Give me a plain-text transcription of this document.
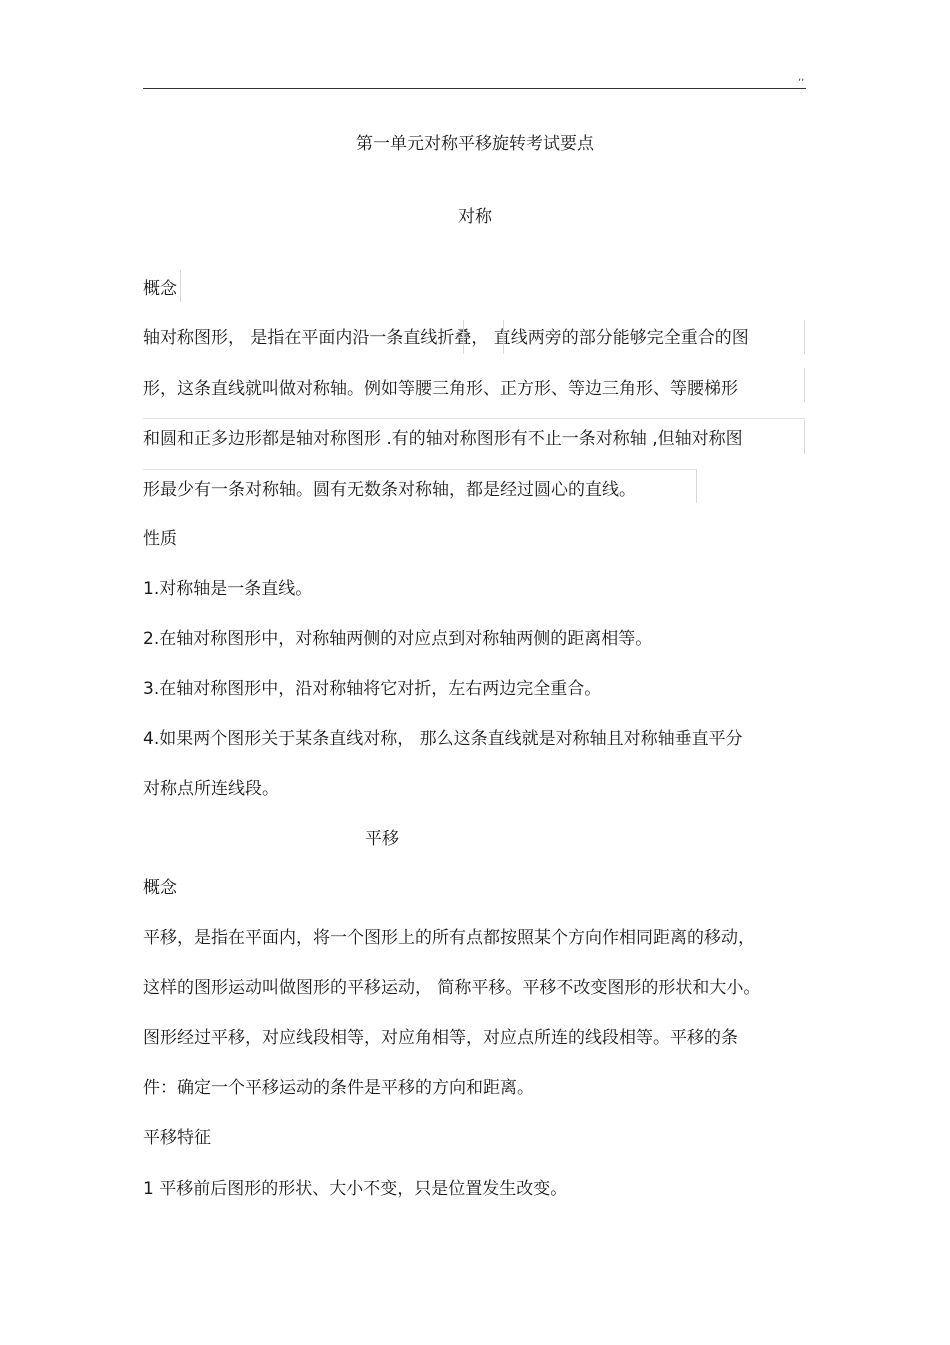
,,
第一单元对称平移旋转考试要点
对称
概念
轴对称图形， 是指在平面内沿一条直线折叠， 直线两旁的部分能够完全重合的图
形，这条直线就叫做对称轴。例如等腰三角形、正方形、等边三角形、等腰梯形
和圆和正多边形都是轴对称图形 .有的轴对称图形有不止一条对称轴 ,但轴对称图
形最少有一条对称轴。圆有无数条对称轴，都是经过圆心的直线。
性质
1.对称轴是一条直线。
2.在轴对称图形中，对称轴两侧的对应点到对称轴两侧的距离相等。
3.在轴对称图形中，沿对称轴将它对折，左右两边完全重合。
4.如果两个图形关于某条直线对称， 那么这条直线就是对称轴且对称轴垂直平分
对称点所连线段。
平移
概念
平移，是指在平面内，将一个图形上的所有点都按照某个方向作相同距离的移动，
这样的图形运动叫做图形的平移运动， 简称平移。平移不改变图形的形状和大小。
图形经过平移，对应线段相等，对应角相等，对应点所连的线段相等。平移的条
件：确定一个平移运动的条件是平移的方向和距离。
平移特征
1 平移前后图形的形状、大小不变，只是位置发生改变。
